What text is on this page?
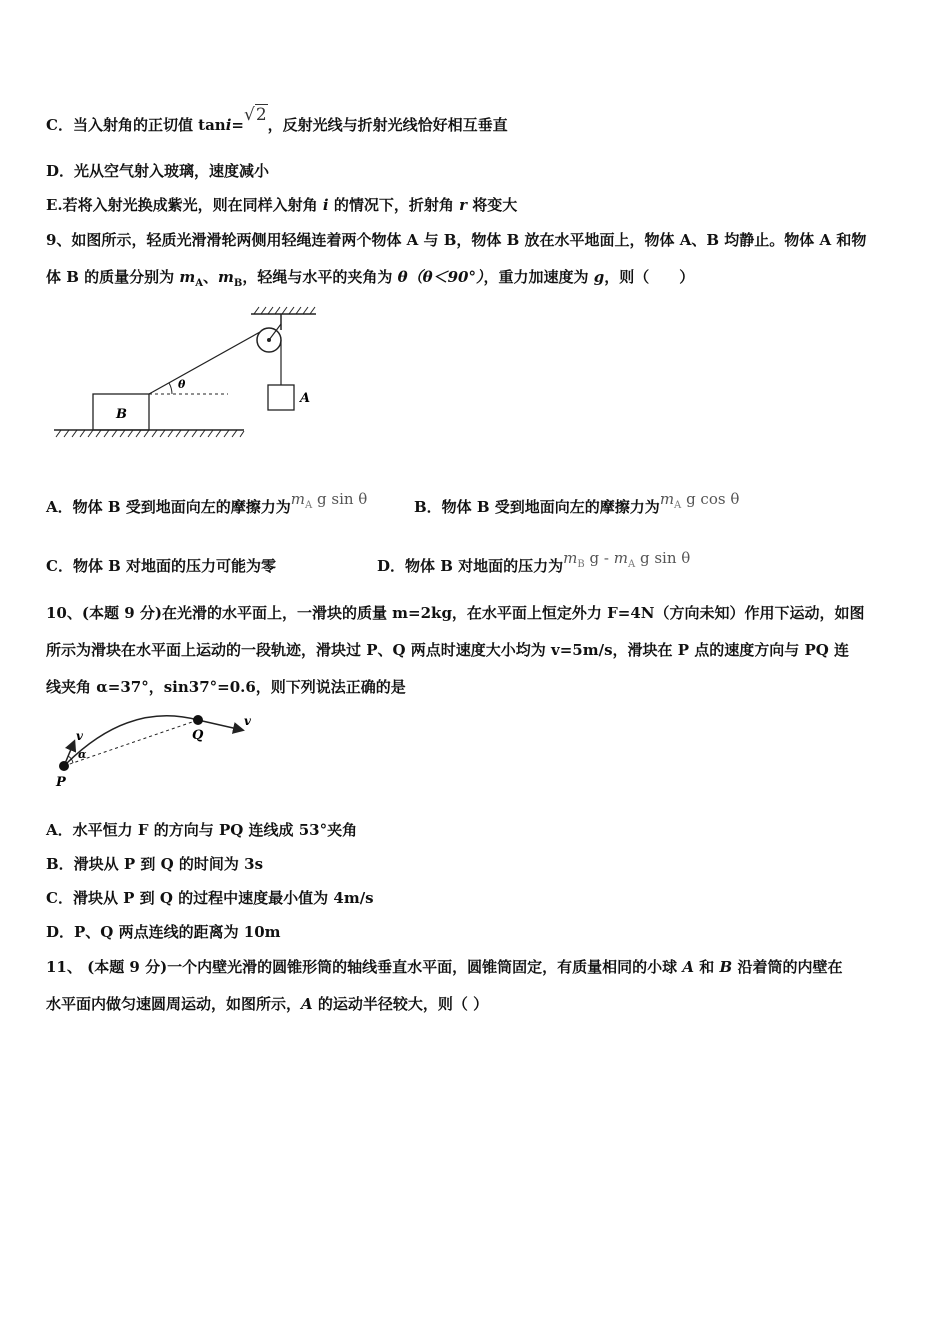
C．当入射角的正切值 tani=√2，反射光线与折射光线恰好相互垂直
D．光从空气射入玻璃，速度减小
E.若将入射光换成紫光，则在同样入射角 i 的情况下，折射角 r 将变大
9、如图所示，轻质光滑滑轮两侧用轻绳连着两个物体 A 与 B，物体 B 放在水平地面上，物体 A、B 均静止。物体 A 和物
体 B 的质量分别为 $m_A$、$m_B$，轻绳与水平的夹角为 θ（θ＜90°），重力加速度为 g，则（　　）
A
B
θ
A．物体 B 受到地面向左的摩擦力为$m_A$ g sin θ	B．物体 B 受到地面向左的摩擦力为$m_A$ g cos θ
C．物体 B 对地面的压力可能为零	D．物体 B 对地面的压力为$m_B$ g - $m_A$ g sin θ
10、(本题 9 分)在光滑的水平面上，一滑块的质量 m=2kg，在水平面上恒定外力 F=4N（方向未知）作用下运动，如图
所示为滑块在水平面上运动的一段轨迹，滑块过 P、Q 两点时速度大小均为 v=5m/s，滑块在 P 点的速度方向与 PQ 连
线夹角 α=37°，sin37°=0.6，则下列说法正确的是
v
α
v
P
Q
A．水平恒力 F 的方向与 PQ 连线成 53°夹角
B．滑块从 P 到 Q 的时间为 3s
C．滑块从 P 到 Q 的过程中速度最小值为 4m/s
D．P、Q 两点连线的距离为 10m
11、 (本题 9 分)一个内壁光滑的圆锥形筒的轴线垂直水平面，圆锥筒固定，有质量相同的小球 A 和 B 沿着筒的内壁在
水平面内做匀速圆周运动，如图所示，A 的运动半径较大，则（ ）
